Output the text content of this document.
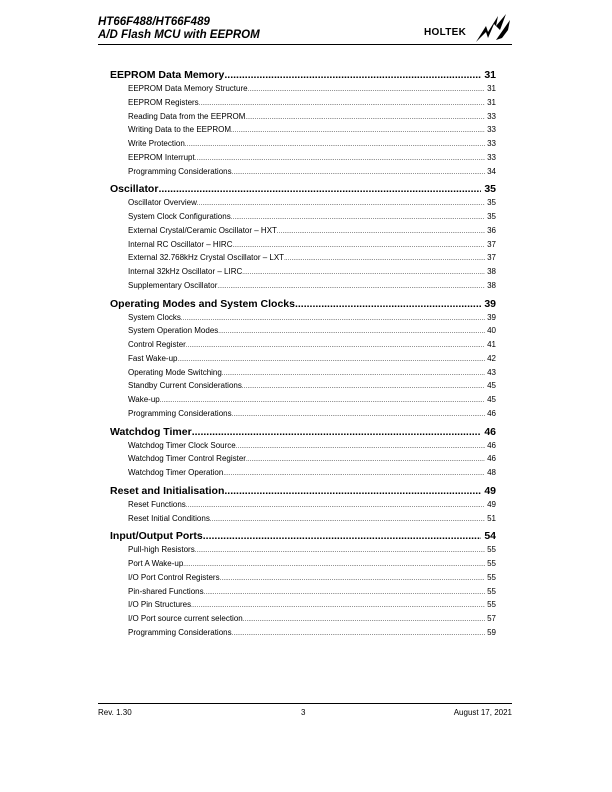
HT66F488/HT66F489
A/D Flash MCU with EEPROM	HOLTEK
EEPROM Data Memory .....	31
EEPROM Data Memory Structure .....	31
EEPROM Registers .....	31
Reading Data from the EEPROM .....	33
Writing Data to the EEPROM .....	33
Write Protection .....	33
EEPROM Interrupt .....	33
Programming Considerations .....	34
Oscillator .....	35
Oscillator Overview .....	35
System Clock Configurations .....	35
External Crystal/Ceramic Oscillator – HXT .....	36
Internal RC Oscillator – HIRC .....	37
External 32.768kHz Crystal Oscillator – LXT .....	37
Internal 32kHz Oscillator – LIRC .....	38
Supplementary Oscillator .....	38
Operating Modes and System Clocks .....	39
System Clocks .....	39
System Operation Modes .....	40
Control Register .....	41
Fast Wake-up .....	42
Operating Mode Switching .....	43
Standby Current Considerations .....	45
Wake-up .....	45
Programming Considerations .....	46
Watchdog Timer .....	46
Watchdog Timer Clock Source .....	46
Watchdog Timer Control Register .....	46
Watchdog Timer Operation .....	48
Reset and Initialisation .....	49
Reset Functions .....	49
Reset Initial Conditions .....	51
Input/Output Ports .....	54
Pull-high Resistors .....	55
Port A Wake-up .....	55
I/O Port Control Registers .....	55
Pin-shared Functions .....	55
I/O Pin Structures .....	55
I/O Port source current selection .....	57
Programming Considerations .....	59
Rev. 1.30	3	August 17, 2021
